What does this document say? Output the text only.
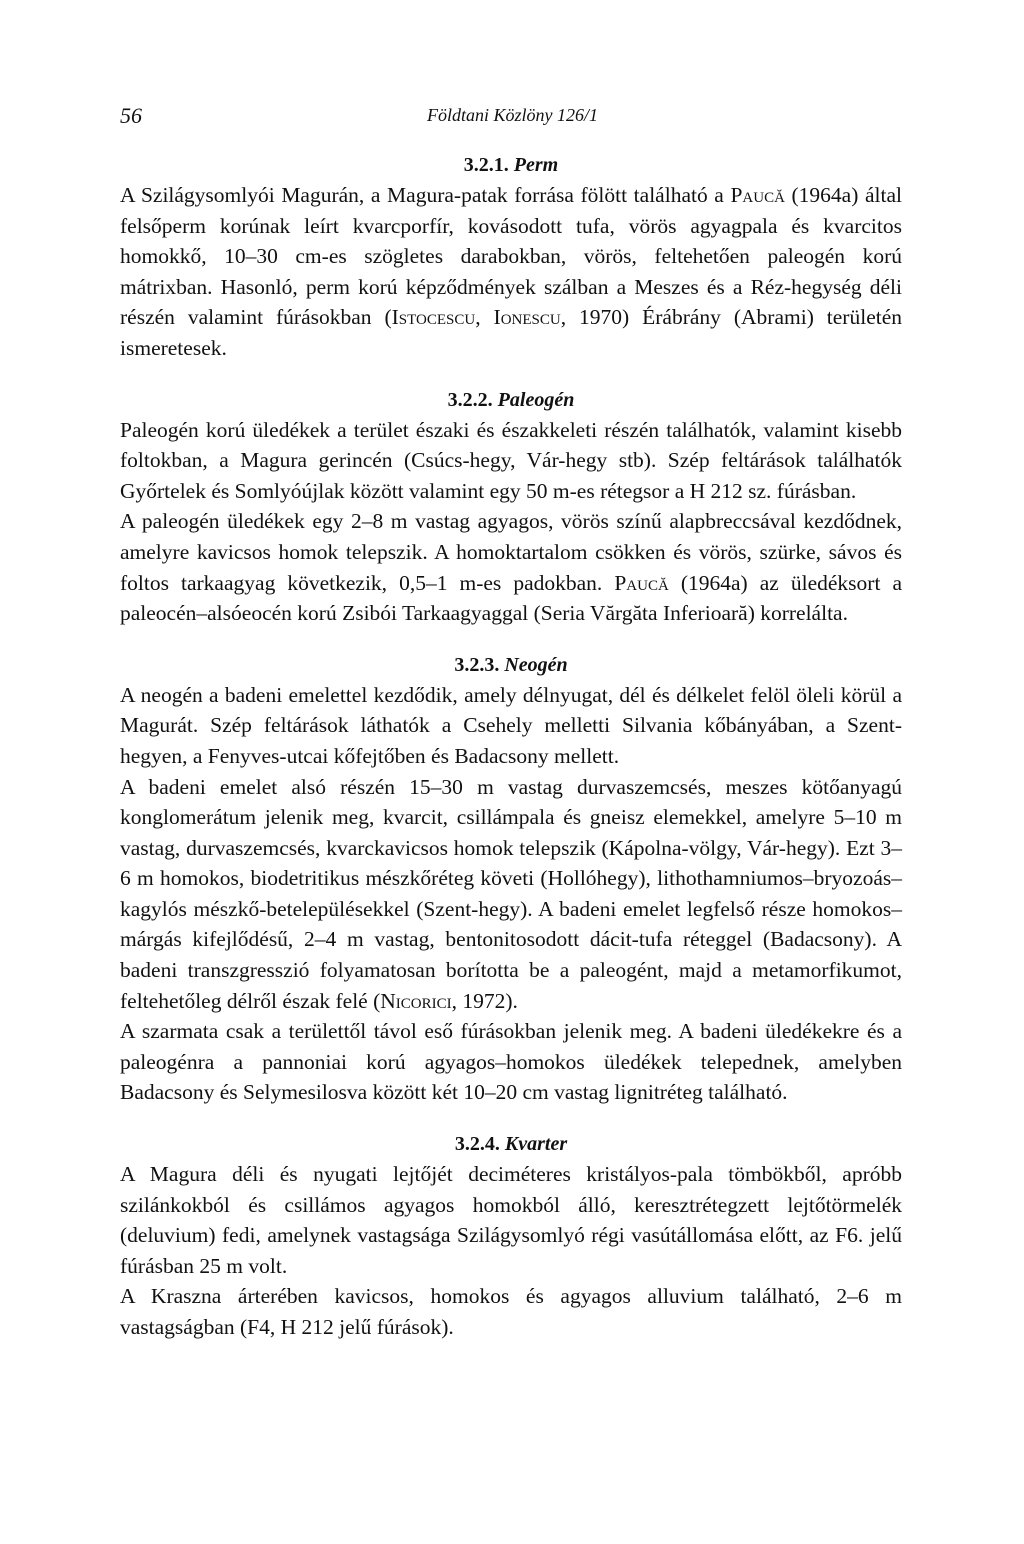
56	Földtani Közlöny 126/1
3.2.1. Perm

A Szilágysomlyói Magurán, a Magura-patak forrása fölött található a Paucă (1964a) által felsőperm korúnak leírt kvarcporfír, kovásodott tufa, vörös agyagpala és kvarcitos homokkő, 10–30 cm-es szögletes darabokban, vörös, feltehetően paleogén korú mátrixban. Hasonló, perm korú képződmények szálban a Meszes és a Réz-hegység déli részén valamint fúrásokban (Istocescu, Ionescu, 1970) Érábrány (Abrami) területén ismeretesek.

3.2.2. Paleogén

Paleogén korú üledékek a terület északi és északkeleti részén találhatók, valamint kisebb foltokban, a Magura gerincén (Csúcs-hegy, Vár-hegy stb). Szép feltárások találhatók Győrtelek és Somlyóújlak között valamint egy 50 m-es rétegsor a H 212 sz. fúrásban.

A paleogén üledékek egy 2–8 m vastag agyagos, vörös színű alapbreccsával kezdődnek, amelyre kavicsos homok telepszik. A homoktartalom csökken és vörös, szürke, sávos és foltos tarkaagyag következik, 0,5–1 m-es padokban. Paucă (1964a) az üledéksort a paleocén–alsóeocén korú Zsibói Tarkaagyaggal (Seria Vărgăta Inferioară) korrelálta.

3.2.3. Neogén

A neogén a badeni emelettel kezdődik, amely délnyugat, dél és délkelet felöl öleli körül a Magurát. Szép feltárások láthatók a Csehely melletti Silvania kőbányában, a Szent-hegyen, a Fenyves-utcai kőfejtőben és Badacsony mellett.

A badeni emelet alsó részén 15–30 m vastag durvaszemcsés, meszes kötőanyagú konglomerátum jelenik meg, kvarcit, csillámpala és gneisz elemekkel, amelyre 5–10 m vastag, durvaszemcsés, kvarckavicsos homok telepszik (Kápolna-völgy, Vár-hegy). Ezt 3–6 m homokos, biodetritikus mészkőréteg követi (Hollóhegy), lithothamniumos–bryozoás–kagylós mészkő-betelepülésekkel (Szent-hegy). A badeni emelet legfelső része homokos–márgás kifejlődésű, 2–4 m vastag, bentonitosodott dácit-tufa réteggel (Badacsony). A badeni transzgresszió folyamatosan borította be a paleogént, majd a metamorfikumot, feltehetőleg délről észak felé (Nicorici, 1972).

A szarmata csak a területtől távol eső fúrásokban jelenik meg. A badeni üledékekre és a paleogénra a pannoniai korú agyagos–homokos üledékek telepednek, amelyben Badacsony és Selymesilosva között két 10–20 cm vastag lignitréteg található.

3.2.4. Kvarter

A Magura déli és nyugati lejtőjét deciméteres kristályos-pala tömbökből, apróbb szilánkokból és csillámos agyagos homokból álló, keresztrétegzett lejtőtörmelék (deluvium) fedi, amelynek vastagsága Szilágysomlyó régi vasútállomása előtt, az F6. jelű fúrásban 25 m volt.

A Kraszna árterében kavicsos, homokos és agyagos alluvium található, 2–6 m vastagságban (F4, H 212 jelű fúrások).
